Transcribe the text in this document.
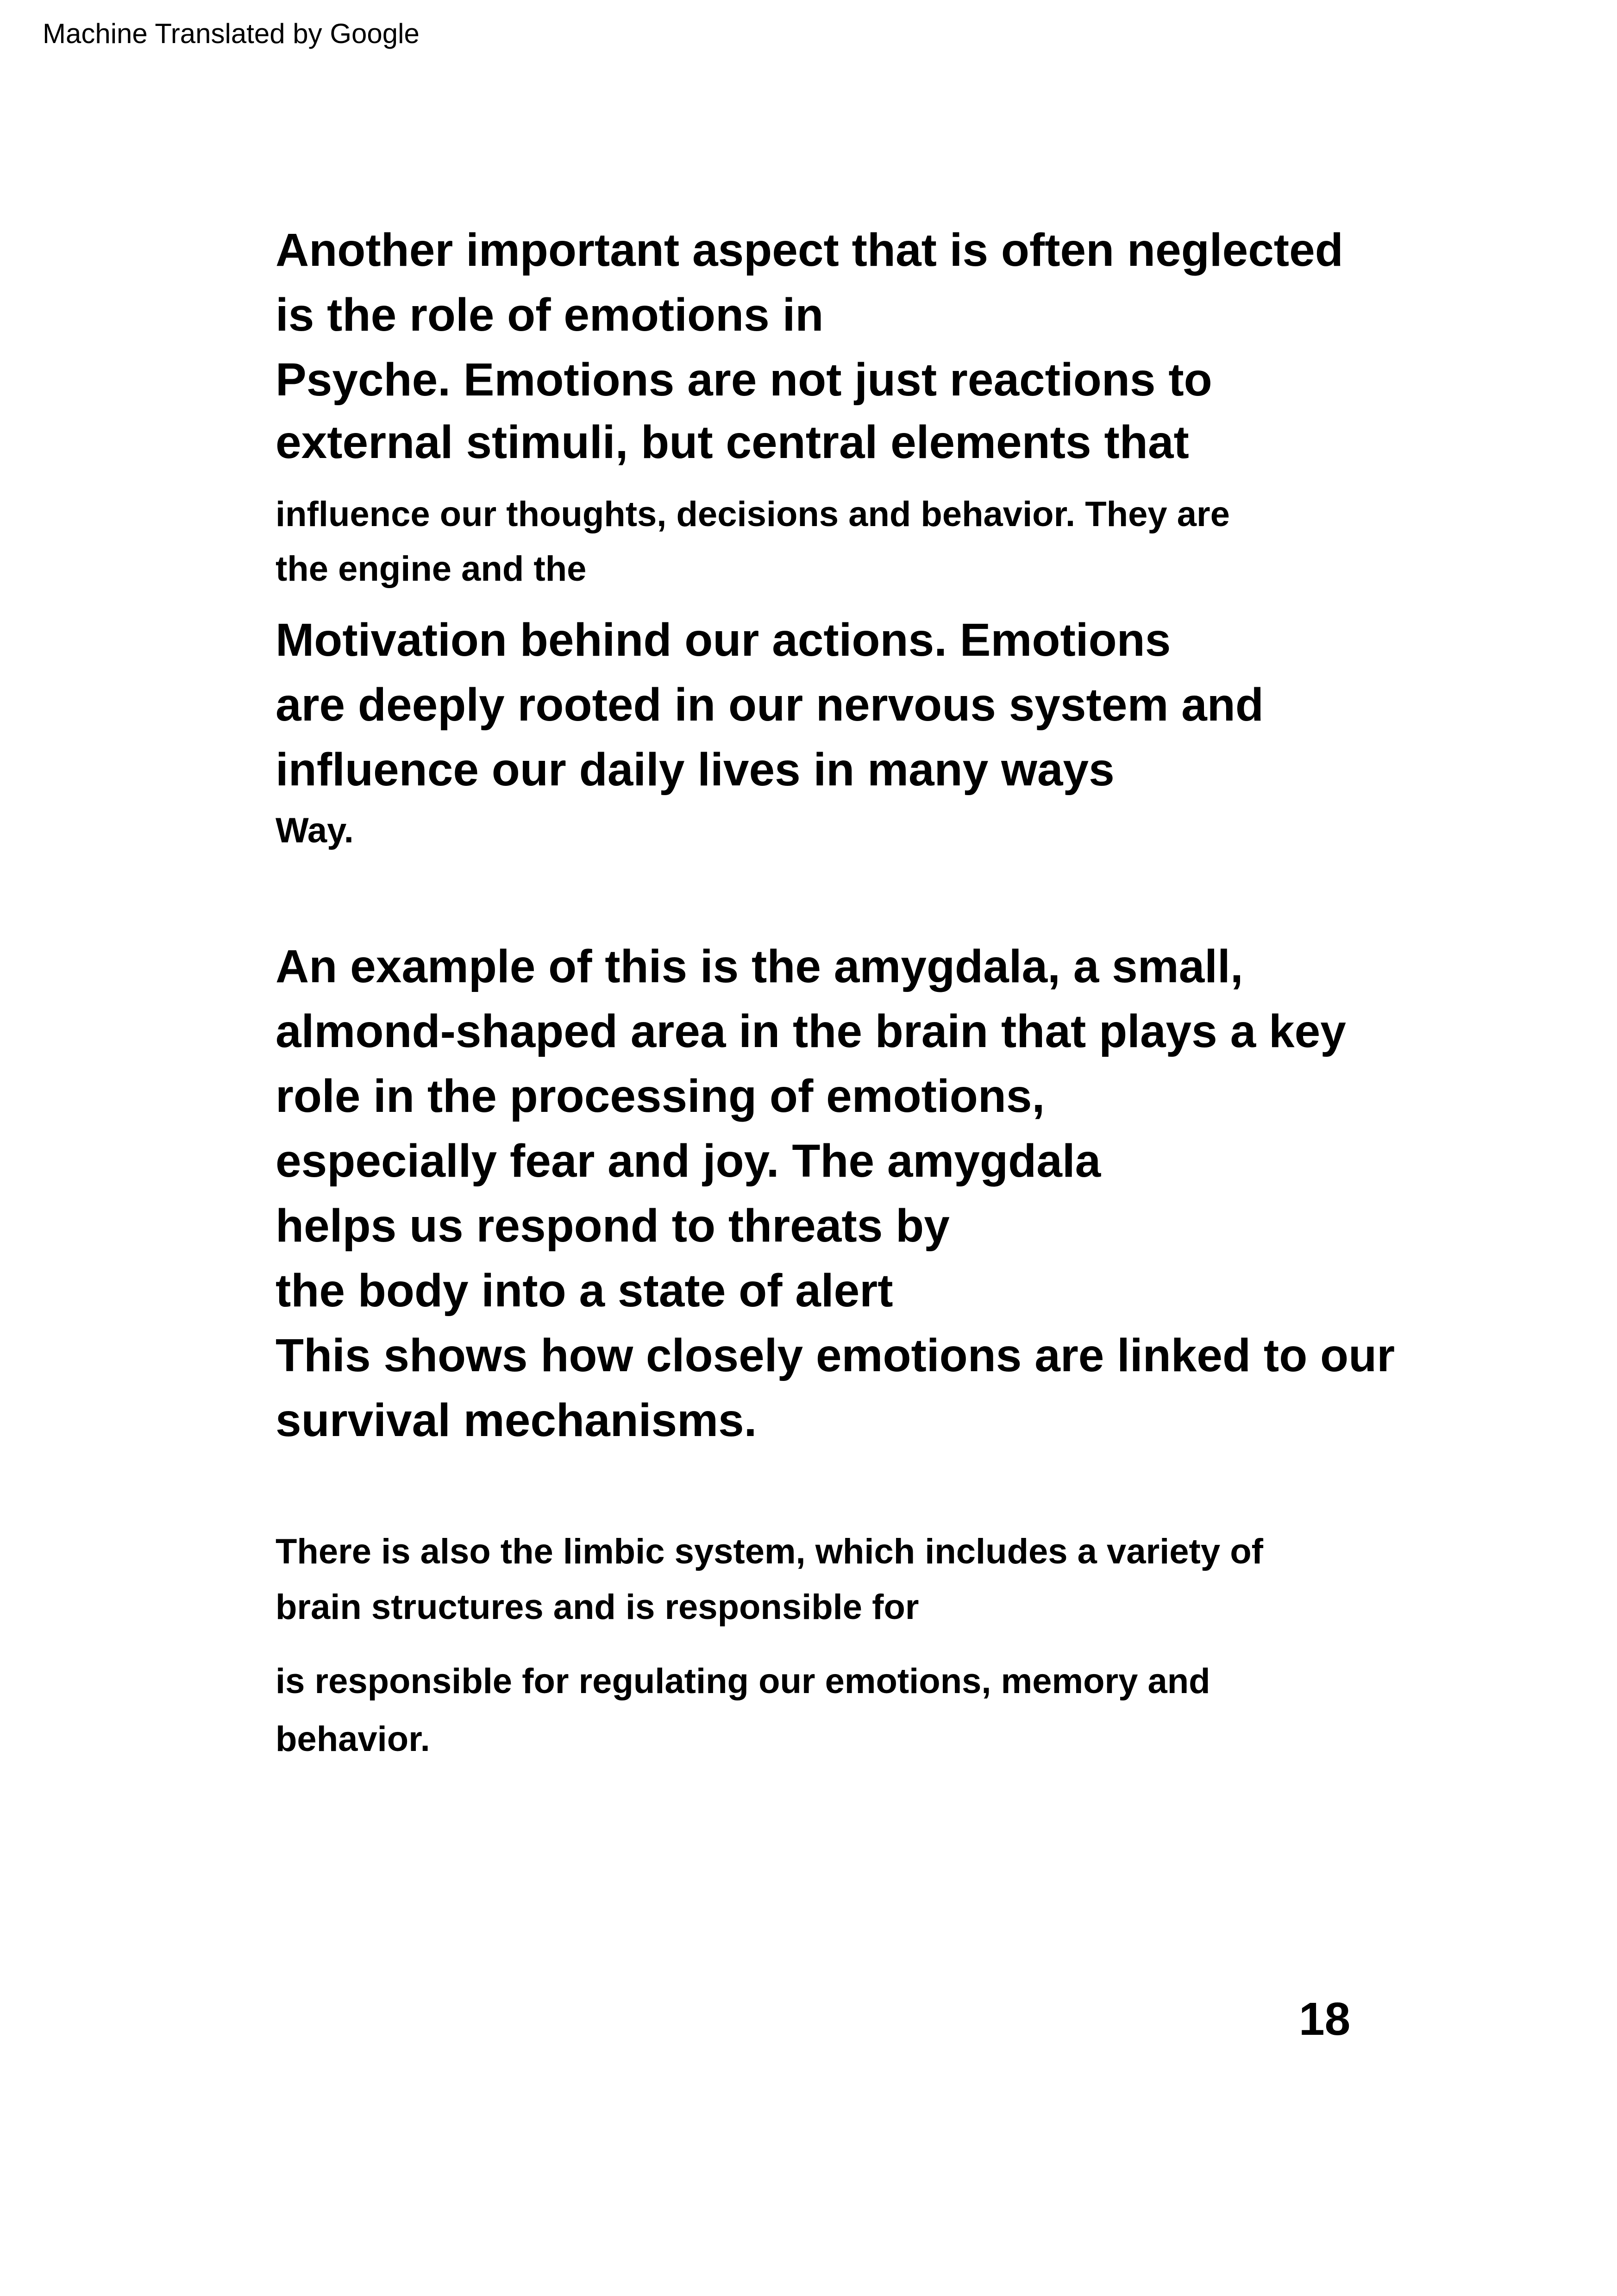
Machine Translated by Google

Another important aspect that is often neglected

is the role of emotions in

Psyche. Emotions are not just reactions to

external stimuli, but central elements that

influence our thoughts, decisions and behavior. They are

the engine and the

Motivation behind our actions. Emotions

are deeply rooted in our nervous system and

influence our daily lives in many ways

Way.

An example of this is the amygdala, a small,

almond-shaped area in the brain that plays a key

role in the processing of emotions,

especially fear and joy. The amygdala

helps us respond to threats by

the body into a state of alert

This shows how closely emotions are linked to our

survival mechanisms.

There is also the limbic system, which includes a variety of

brain structures and is responsible for

is responsible for regulating our emotions, memory and

behavior.

18
